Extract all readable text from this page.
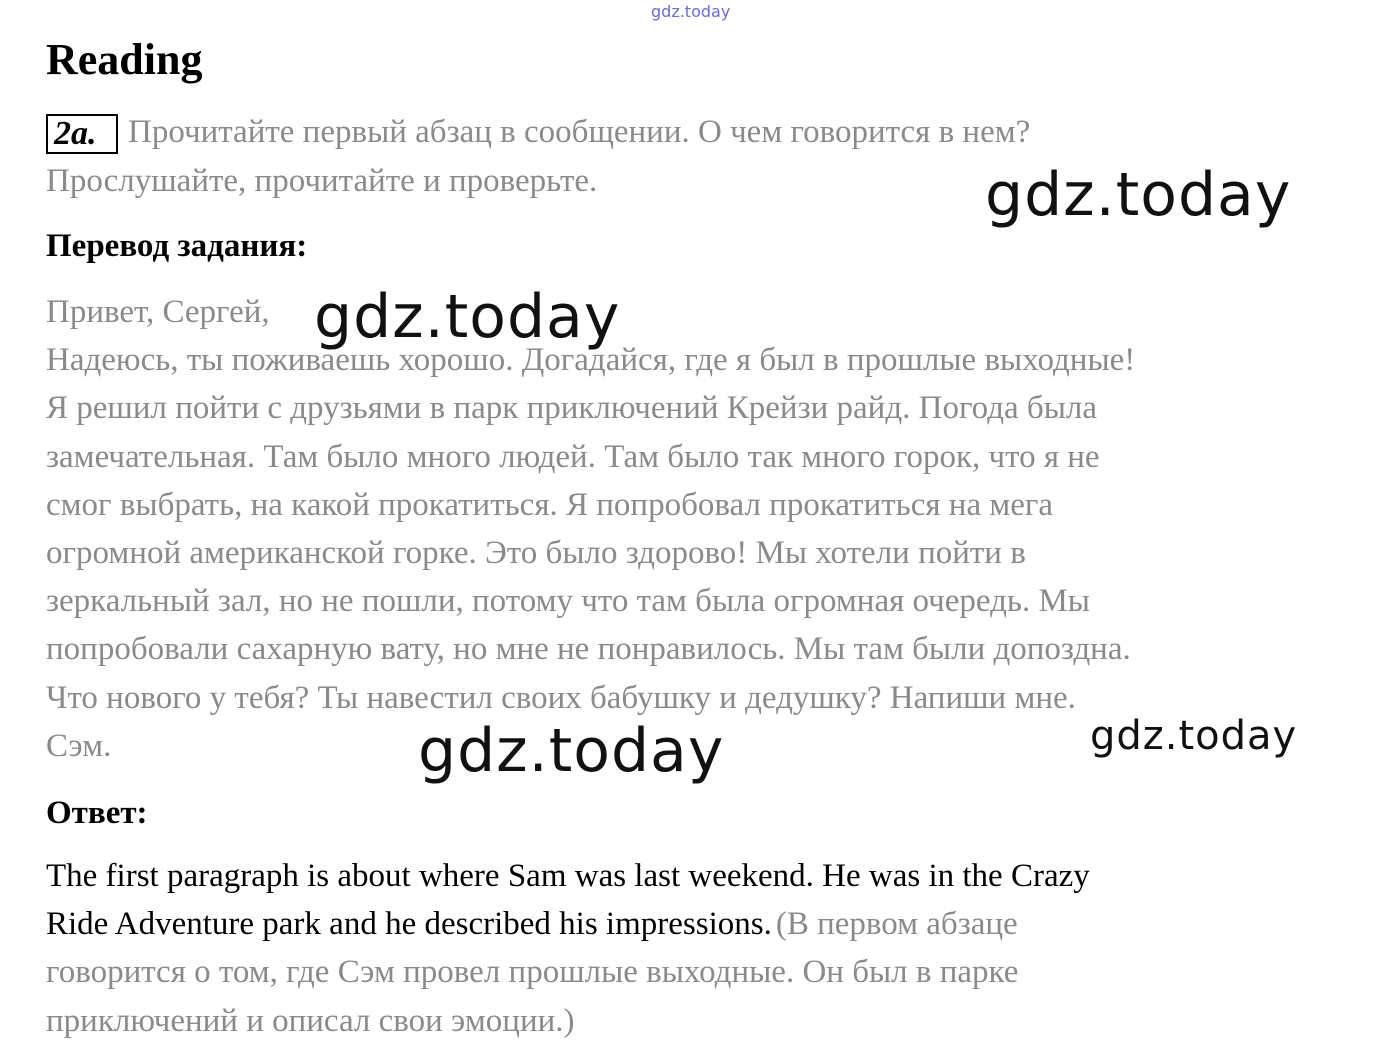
gdz.today
Reading
2a. Прочитайте первый абзац в сообщении. О чем говорится в нем?
Прослушайте, прочитайте и проверьте.
Перевод задания:
Привет, Сергей,
Надеюсь, ты поживаешь хорошо. Догадайся, где я был в прошлые выходные!
Я решил пойти с друзьями в парк приключений Крейзи райд. Погода была
замечательная. Там было много людей. Там было так много горок, что я не
смог выбрать, на какой прокатиться. Я попробовал прокатиться на мега
огромной американской горке. Это было здорово! Мы хотели пойти в
зеркальный зал, но не пошли, потому что там была огромная очередь. Мы
попробовали сахарную вату, но мне не понравилось. Мы там были допоздна.
Что нового у тебя? Ты навестил своих бабушку и дедушку? Напиши мне.
Сэм.
Ответ:
The first paragraph is about where Sam was last weekend. He was in the Crazy
Ride Adventure park and he described his impressions. (В первом абзаце
говорится о том, где Сэм провел прошлые выходные. Он был в парке
приключений и описал свои эмоции.)
gdz.today
gdz.today
gdz.today	gdz.today
